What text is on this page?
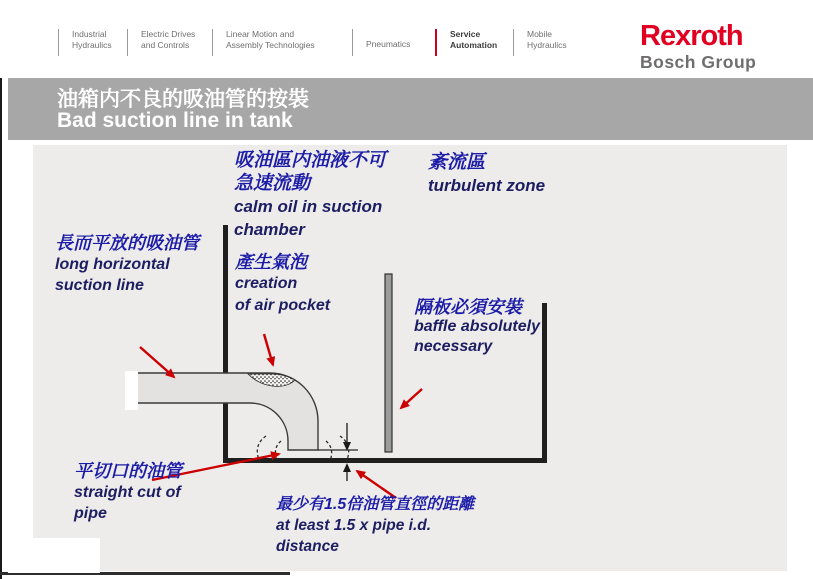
Industrial
Hydraulics
Electric Drives
and Controls
Linear Motion and
Assembly Technologies	Pneumatics
Service
Automation
Mobile
Hydraulics	Rexroth
Bosch Group
油箱内不良的吸油管的按裝
Bad suction line in tank
吸油區内油液不可
急速流動
calm oil in suction
chamber
紊流區
turbulent zone
長而平放的吸油管
long horizontal
suction line
產生氣泡
creation
of air pocket	隔板必須安裝
baffle absolutely
necessary
平切口的油管
straight cut of
pipe
最少有1.5倍油管直徑的距離
at least 1.5 x pipe i.d.
distance
